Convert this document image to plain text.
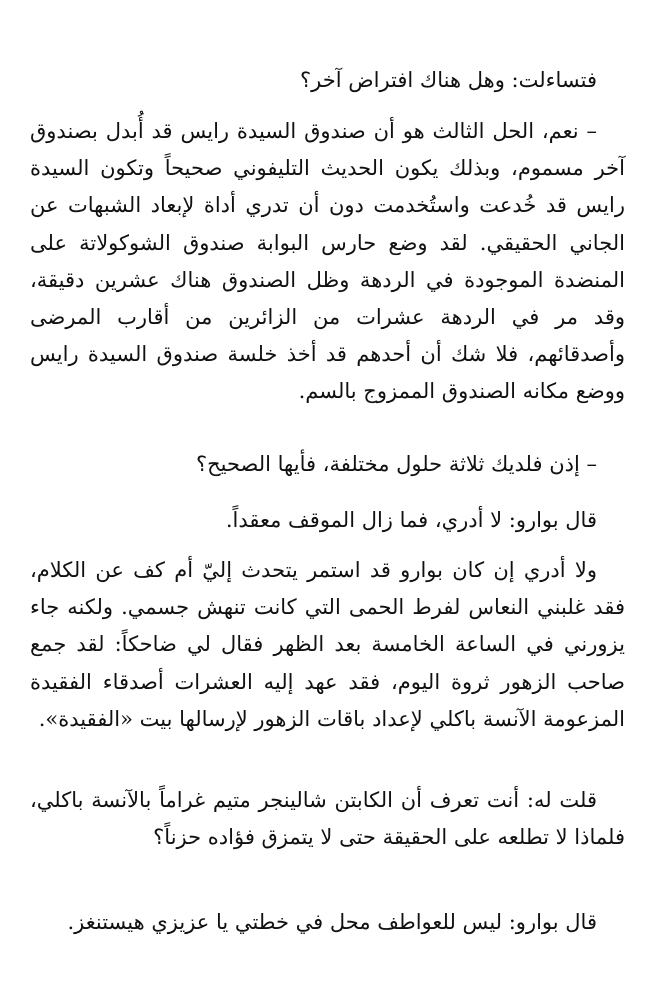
فتساءلت: وهل هناك افتراض آخر؟

– نعم، الحل الثالث هو أن صندوق السيدة رايس قد أُبدل بصندوق آخر مسموم، وبذلك يكون الحديث التليفوني صحيحاً وتكون السيدة رايس قد خُدعت واستُخدمت دون أن تدري أداة لإبعاد الشبهات عن الجاني الحقيقي. لقد وضع حارس البوابة صندوق الشوكولاتة على المنضدة الموجودة في الردهة وظل الصندوق هناك عشرين دقيقة، وقد مر في الردهة عشرات من الزائرين من أقارب المرضى وأصدقائهم، فلا شك أن أحدهم قد أخذ خلسة صندوق السيدة رايس ووضع مكانه الصندوق الممزوج بالسم.

– إذن فلديك ثلاثة حلول مختلفة، فأيها الصحيح؟

قال بوارو: لا أدري، فما زال الموقف معقداً.

ولا أدري إن كان بوارو قد استمر يتحدث إليّ أم كف عن الكلام، فقد غلبني النعاس لفرط الحمى التي كانت تنهش جسمي. ولكنه جاء يزورني في الساعة الخامسة بعد الظهر فقال لي ضاحكاً: لقد جمع صاحب الزهور ثروة اليوم، فقد عهد إليه العشرات أصدقاء الفقيدة المزعومة الآنسة باكلي لإعداد باقات الزهور لإرسالها بيت «الفقيدة».

قلت له: أنت تعرف أن الكابتن شالينجر متيم غراماً بالآنسة باكلي، فلماذا لا تطلعه على الحقيقة حتى لا يتمزق فؤاده حزناً؟

قال بوارو: ليس للعواطف محل في خطتي يا عزيزي هيستنغز.
